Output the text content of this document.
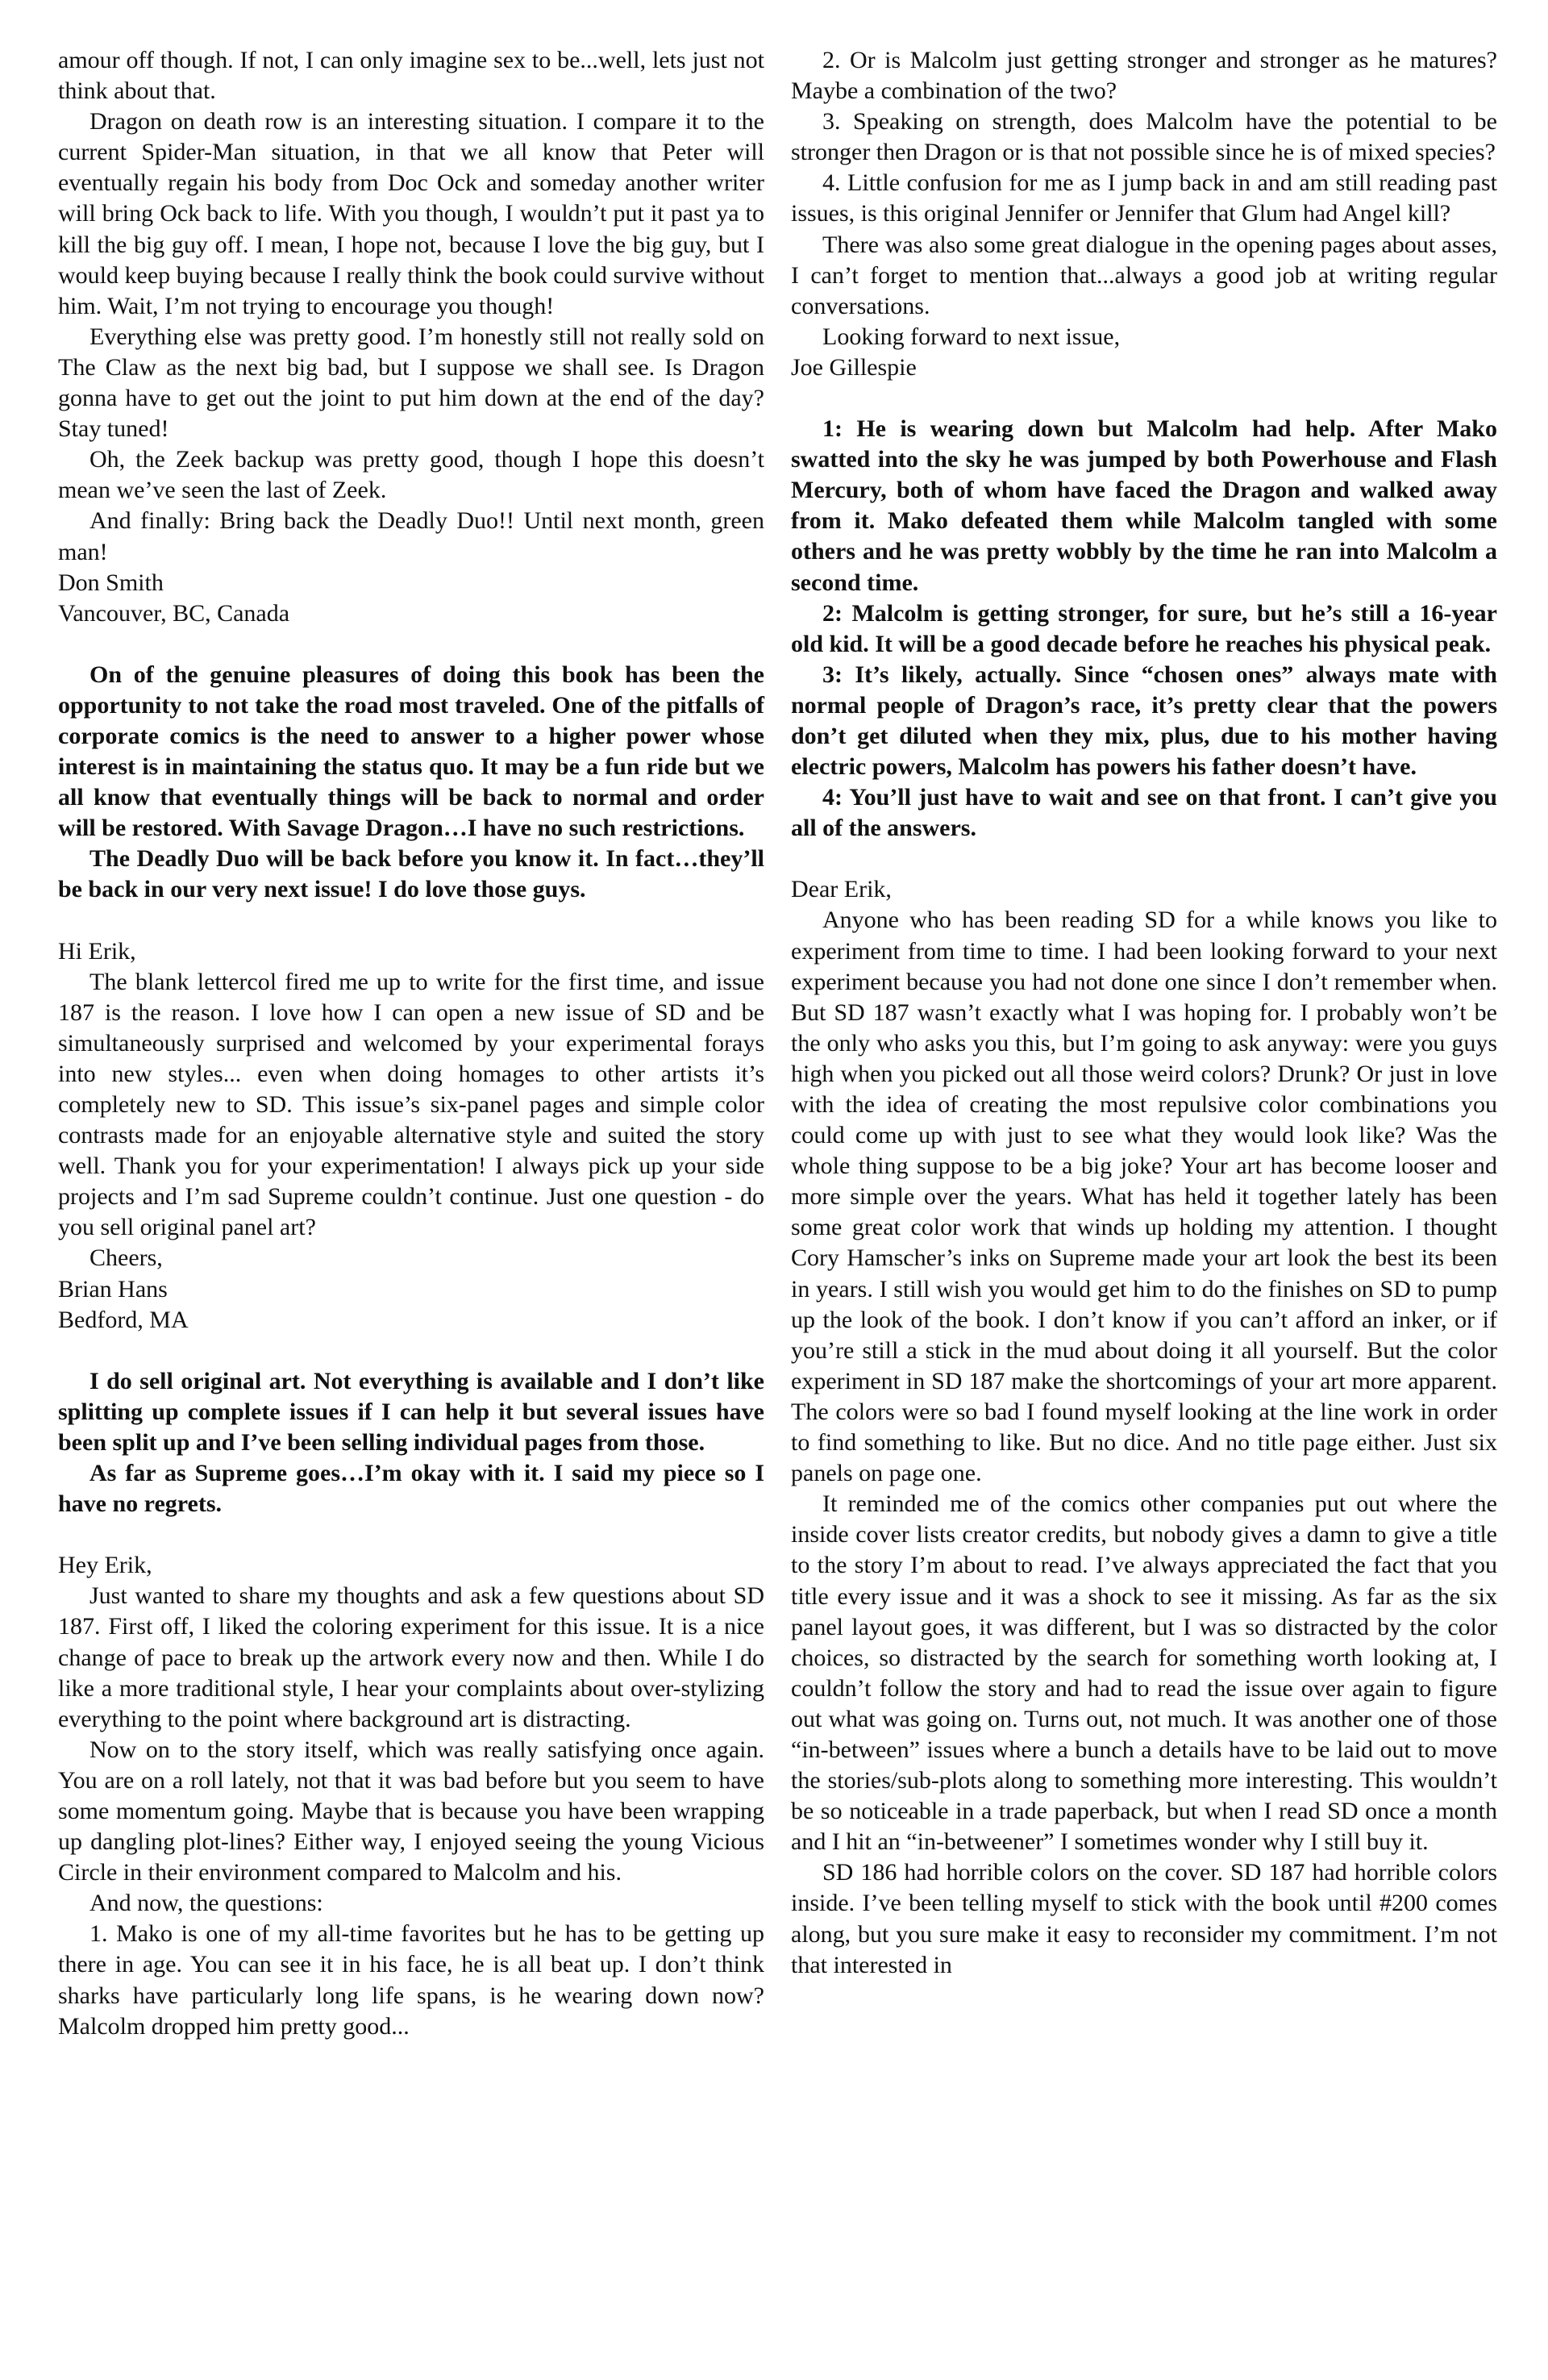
amour off though. If not, I can only imagine sex to be...well, lets just not think about that.

Dragon on death row is an interesting situation. I compare it to the current Spider-Man situation, in that we all know that Peter will eventually regain his body from Doc Ock and someday another writer will bring Ock back to life. With you though, I wouldn’t put it past ya to kill the big guy off. I mean, I hope not, because I love the big guy, but I would keep buying because I really think the book could survive without him. Wait, I’m not trying to encourage you though!

Everything else was pretty good. I’m honestly still not really sold on The Claw as the next big bad, but I suppose we shall see. Is Dragon gonna have to get out the joint to put him down at the end of the day? Stay tuned!

Oh, the Zeek backup was pretty good, though I hope this doesn’t mean we’ve seen the last of Zeek.

And finally: Bring back the Deadly Duo!! Until next month, green man!

Don Smith

Vancouver, BC, Canada

On of the genuine pleasures of doing this book has been the opportunity to not take the road most traveled. One of the pitfalls of corporate comics is the need to answer to a higher power whose interest is in maintaining the status quo. It may be a fun ride but we all know that eventually things will be back to normal and order will be restored. With Savage Dragon…I have no such restrictions.

The Deadly Duo will be back before you know it. In fact…they’ll be back in our very next issue! I do love those guys.

Hi Erik,

The blank lettercol fired me up to write for the first time, and issue 187 is the reason. I love how I can open a new issue of SD and be simultaneously surprised and welcomed by your experimental forays into new styles... even when doing homages to other artists it’s completely new to SD. This issue’s six-panel pages and simple color contrasts made for an enjoyable alternative style and suited the story well. Thank you for your experimentation! I always pick up your side projects and I’m sad Supreme couldn’t continue. Just one question - do you sell original panel art?

Cheers,

Brian Hans

Bedford, MA

I do sell original art. Not everything is available and I don’t like splitting up complete issues if I can help it but several issues have been split up and I’ve been selling individual pages from those.

As far as Supreme goes…I’m okay with it. I said my piece so I have no regrets.

Hey Erik,

Just wanted to share my thoughts and ask a few questions about SD 187. First off, I liked the coloring experiment for this issue. It is a nice change of pace to break up the artwork every now and then. While I do like a more traditional style, I hear your complaints about over-stylizing everything to the point where background art is distracting.

Now on to the story itself, which was really satisfying once again. You are on a roll lately, not that it was bad before but you seem to have some momentum going. Maybe that is because you have been wrapping up dangling plot-lines? Either way, I enjoyed seeing the young Vicious Circle in their environment compared to Malcolm and his.

And now, the questions:

1. Mako is one of my all-time favorites but he has to be getting up there in age. You can see it in his face, he is all beat up. I don’t think sharks have particularly long life spans, is he wearing down now? Malcolm dropped him pretty good...

2. Or is Malcolm just getting stronger and stronger as he matures? Maybe a combination of the two?

3. Speaking on strength, does Malcolm have the potential to be stronger then Dragon or is that not possible since he is of mixed species?

4. Little confusion for me as I jump back in and am still reading past issues, is this original Jennifer or Jennifer that Glum had Angel kill?

There was also some great dialogue in the opening pages about asses, I can’t forget to mention that...always a good job at writing regular conversations.

Looking forward to next issue,

Joe Gillespie

1: He is wearing down but Malcolm had help. After Mako swatted into the sky he was jumped by both Powerhouse and Flash Mercury, both of whom have faced the Dragon and walked away from it. Mako defeated them while Malcolm tangled with some others and he was pretty wobbly by the time he ran into Malcolm a second time.

2: Malcolm is getting stronger, for sure, but he’s still a 16-year old kid. It will be a good decade before he reaches his physical peak.

3: It’s likely, actually. Since “chosen ones” always mate with normal people of Dragon’s race, it’s pretty clear that the powers don’t get diluted when they mix, plus, due to his mother having electric powers, Malcolm has powers his father doesn’t have.

4: You’ll just have to wait and see on that front. I can’t give you all of the answers.

Dear Erik,

Anyone who has been reading SD for a while knows you like to experiment from time to time. I had been looking forward to your next experiment because you had not done one since I don’t remember when. But SD 187 wasn’t exactly what I was hoping for. I probably won’t be the only who asks you this, but I’m going to ask anyway: were you guys high when you picked out all those weird colors? Drunk? Or just in love with the idea of creating the most repulsive color combinations you could come up with just to see what they would look like? Was the whole thing suppose to be a big joke? Your art has become looser and more simple over the years. What has held it together lately has been some great color work that winds up holding my attention. I thought Cory Hamscher’s inks on Supreme made your art look the best its been in years. I still wish you would get him to do the finishes on SD to pump up the look of the book. I don’t know if you can’t afford an inker, or if you’re still a stick in the mud about doing it all yourself. But the color experiment in SD 187 make the shortcomings of your art more apparent. The colors were so bad I found myself looking at the line work in order to find something to like. But no dice. And no title page either. Just six panels on page one.

It reminded me of the comics other companies put out where the inside cover lists creator credits, but nobody gives a damn to give a title to the story I’m about to read. I’ve always appreciated the fact that you title every issue and it was a shock to see it missing. As far as the six panel layout goes, it was different, but I was so distracted by the color choices, so distracted by the search for something worth looking at, I couldn’t follow the story and had to read the issue over again to figure out what was going on. Turns out, not much. It was another one of those “in-between” issues where a bunch a details have to be laid out to move the stories/sub-plots along to something more interesting. This wouldn’t be so noticeable in a trade paperback, but when I read SD once a month and I hit an “in-betweener” I sometimes wonder why I still buy it.

SD 186 had horrible colors on the cover. SD 187 had horrible colors inside. I’ve been telling myself to stick with the book until #200 comes along, but you sure make it easy to reconsider my commitment. I’m not that interested in
